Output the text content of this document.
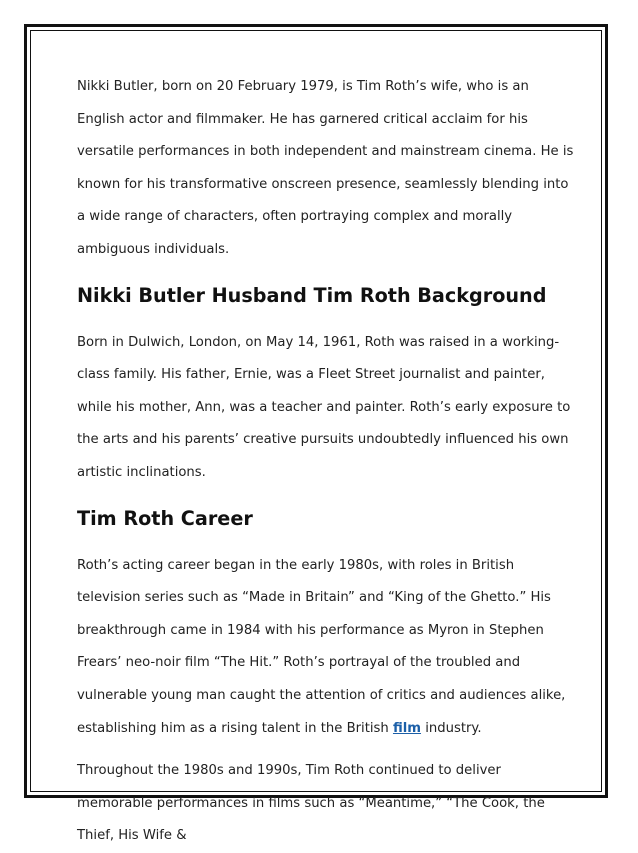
Nikki Butler, born on 20 February 1979, is Tim Roth’s wife, who is an English actor and filmmaker. He has garnered critical acclaim for his versatile performances in both independent and mainstream cinema. He is known for his transformative onscreen presence, seamlessly blending into a wide range of characters, often portraying complex and morally ambiguous individuals.

Nikki Butler Husband Tim Roth Background

Born in Dulwich, London, on May 14, 1961, Roth was raised in a working-class family. His father, Ernie, was a Fleet Street journalist and painter, while his mother, Ann, was a teacher and painter. Roth’s early exposure to the arts and his parents’ creative pursuits undoubtedly influenced his own artistic inclinations.

Tim Roth Career

Roth’s acting career began in the early 1980s, with roles in British television series such as “Made in Britain” and “King of the Ghetto.” His breakthrough came in 1984 with his performance as Myron in Stephen Frears’ neo-noir film “The Hit.” Roth’s portrayal of the troubled and vulnerable young man caught the attention of critics and audiences alike, establishing him as a rising talent in the British film industry.

Throughout the 1980s and 1990s, Tim Roth continued to deliver memorable performances in films such as “Meantime,” “The Cook, the Thief, His Wife &
